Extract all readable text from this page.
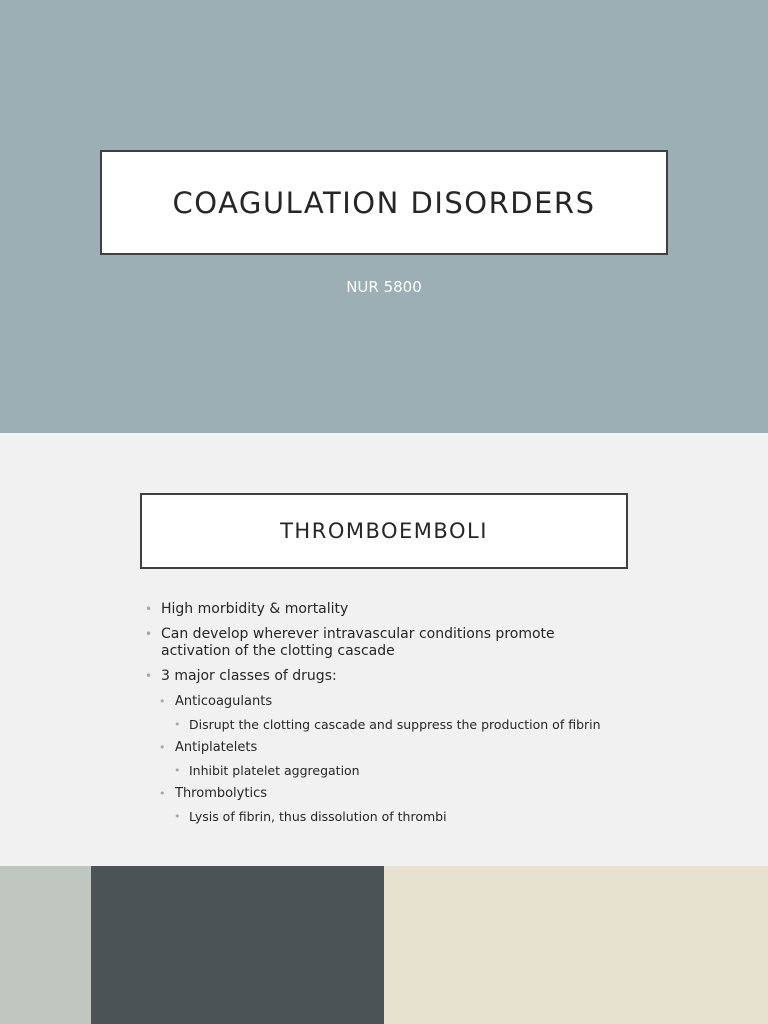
COAGULATION DISORDERS
NUR 5800
THROMBOEMBOLI
• High morbidity & mortality
• Can develop wherever intravascular conditions promote activation of the clotting cascade
• 3 major classes of drugs:
• Anticoagulants
• Disrupt the clotting cascade and suppress the production of fibrin
• Antiplatelets
• Inhibit platelet aggregation
• Thrombolytics
• Lysis of fibrin, thus dissolution of thrombi
